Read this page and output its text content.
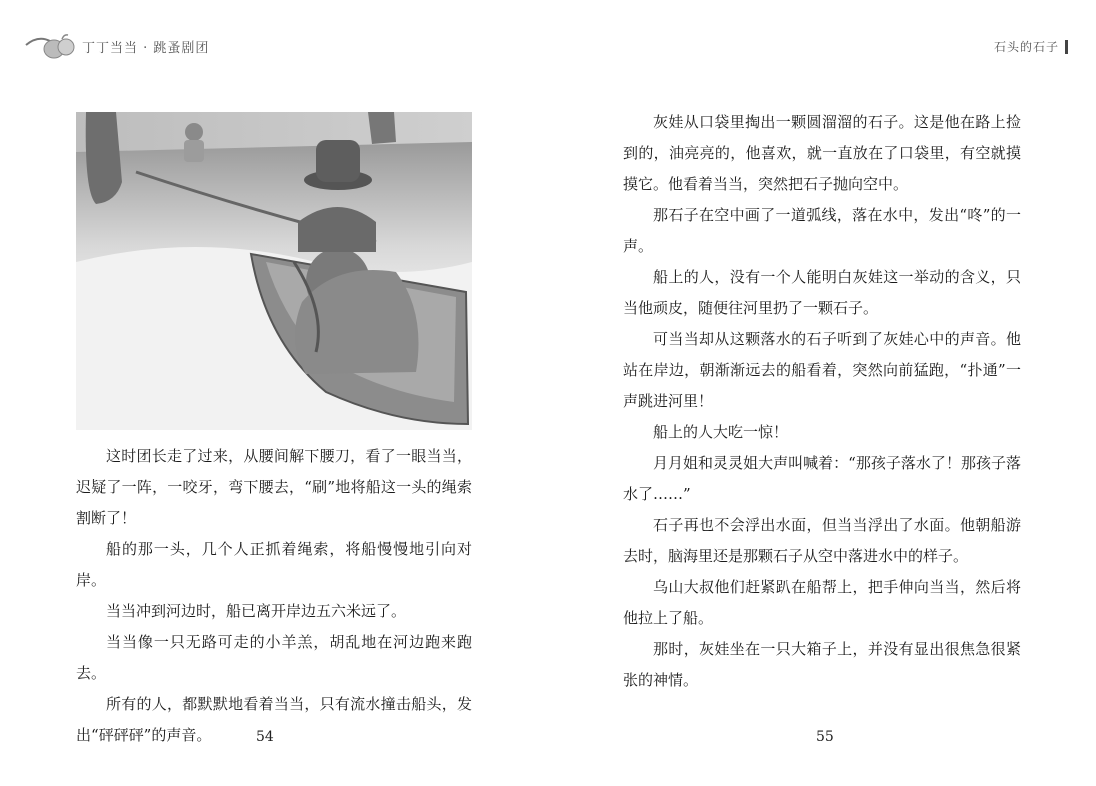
丁丁当当 · 跳蚤剧团	石头的石子

这时团长走了过来，从腰间解下腰刀，看了一眼当当，迟疑了一阵，一咬牙，弯下腰去，“刷”地将船这一头的绳索割断了！

船的那一头，几个人正抓着绳索，将船慢慢地引向对岸。

当当冲到河边时，船已离开岸边五六米远了。

当当像一只无路可走的小羊羔，胡乱地在河边跑来跑去。

所有的人，都默默地看着当当，只有流水撞击船头，发出“砰砰砰”的声音。

灰娃从口袋里掏出一颗圆溜溜的石子。这是他在路上捡到的，油亮亮的，他喜欢，就一直放在了口袋里，有空就摸摸它。他看着当当，突然把石子抛向空中。

那石子在空中画了一道弧线，落在水中，发出“咚”的一声。

船上的人，没有一个人能明白灰娃这一举动的含义，只当他顽皮，随便往河里扔了一颗石子。

可当当却从这颗落水的石子听到了灰娃心中的声音。他站在岸边，朝渐渐远去的船看着，突然向前猛跑，“扑通”一声跳进河里！

船上的人大吃一惊！

月月姐和灵灵姐大声叫喊着：“那孩子落水了！那孩子落水了……”

石子再也不会浮出水面，但当当浮出了水面。他朝船游去时，脑海里还是那颗石子从空中落进水中的样子。

乌山大叔他们赶紧趴在船帮上，把手伸向当当，然后将他拉上了船。

那时，灰娃坐在一只大箱子上，并没有显出很焦急很紧张的神情。

54	55
